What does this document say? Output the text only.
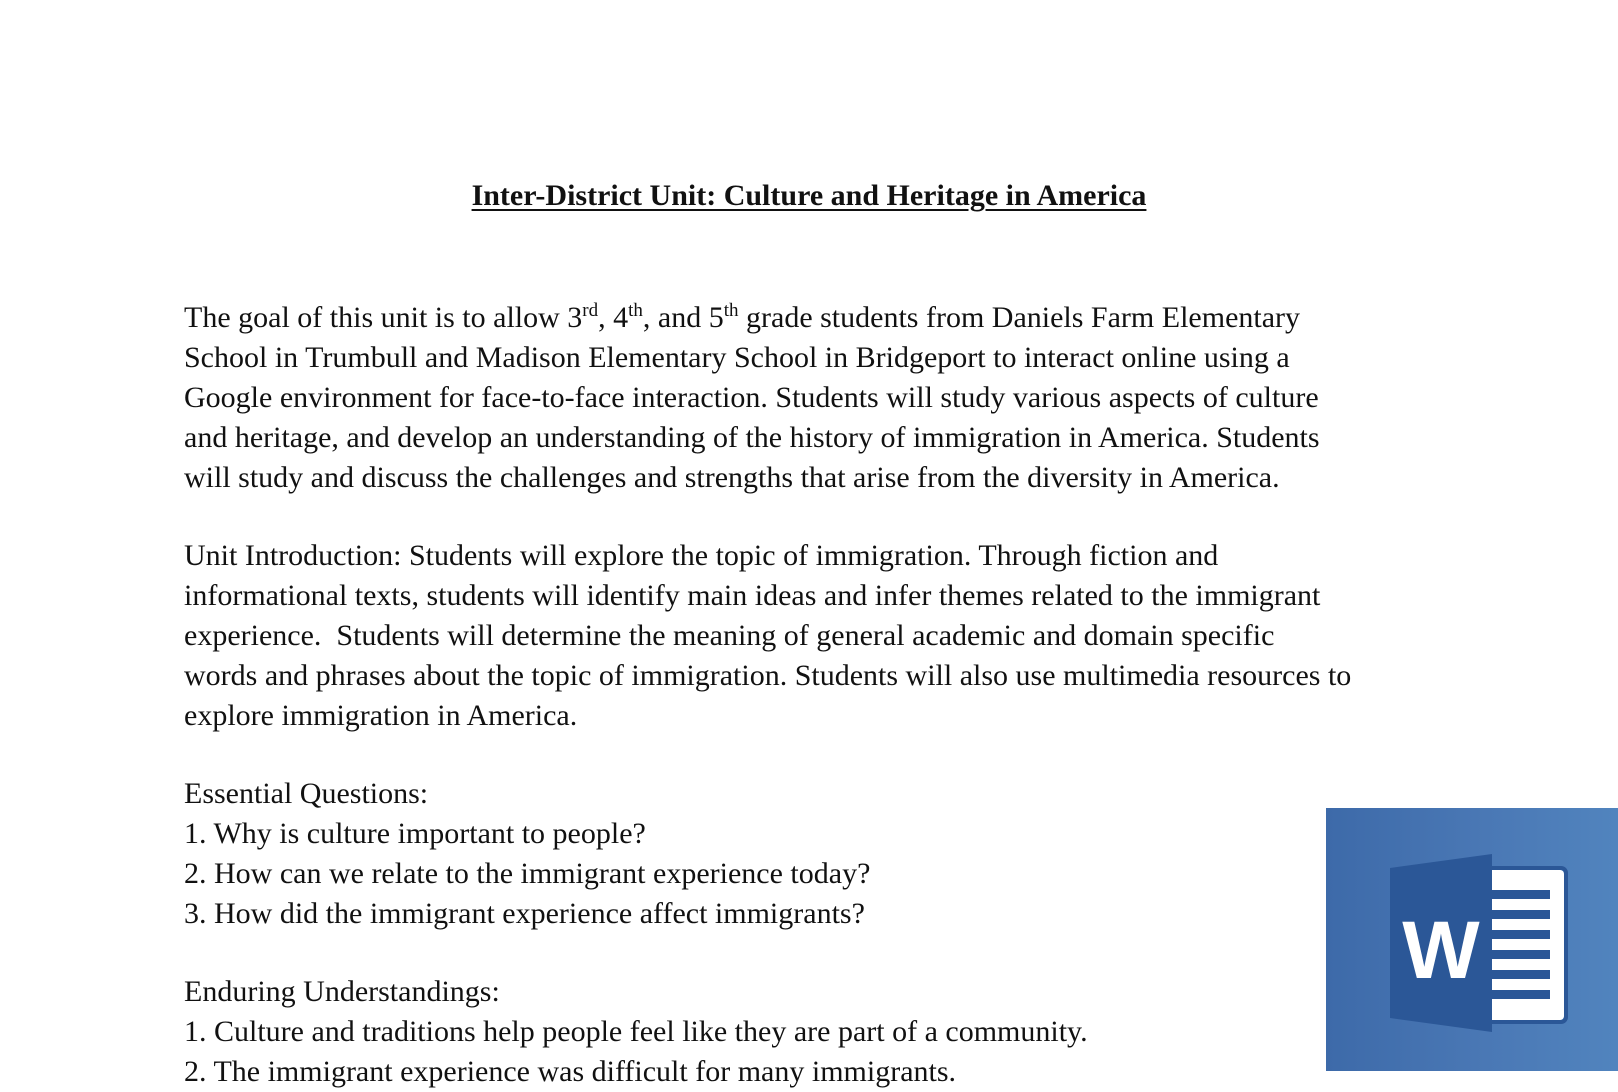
Inter-District Unit: Culture and Heritage in America
The goal of this unit is to allow 3rd, 4th, and 5th grade students from Daniels Farm Elementary
School in Trumbull and Madison Elementary School in Bridgeport to interact online using a
Google environment for face-to-face interaction. Students will study various aspects of culture
and heritage, and develop an understanding of the history of immigration in America. Students
will study and discuss the challenges and strengths that arise from the diversity in America.
Unit Introduction: Students will explore the topic of immigration. Through fiction and
informational texts, students will identify main ideas and infer themes related to the immigrant
experience.  Students will determine the meaning of general academic and domain specific
words and phrases about the topic of immigration. Students will also use multimedia resources to
explore immigration in America.
Essential Questions:
1. Why is culture important to people?
2. How can we relate to the immigrant experience today?
3. How did the immigrant experience affect immigrants?
Enduring Understandings:
1. Culture and traditions help people feel like they are part of a community.
2. The immigrant experience was difficult for many immigrants.
W
